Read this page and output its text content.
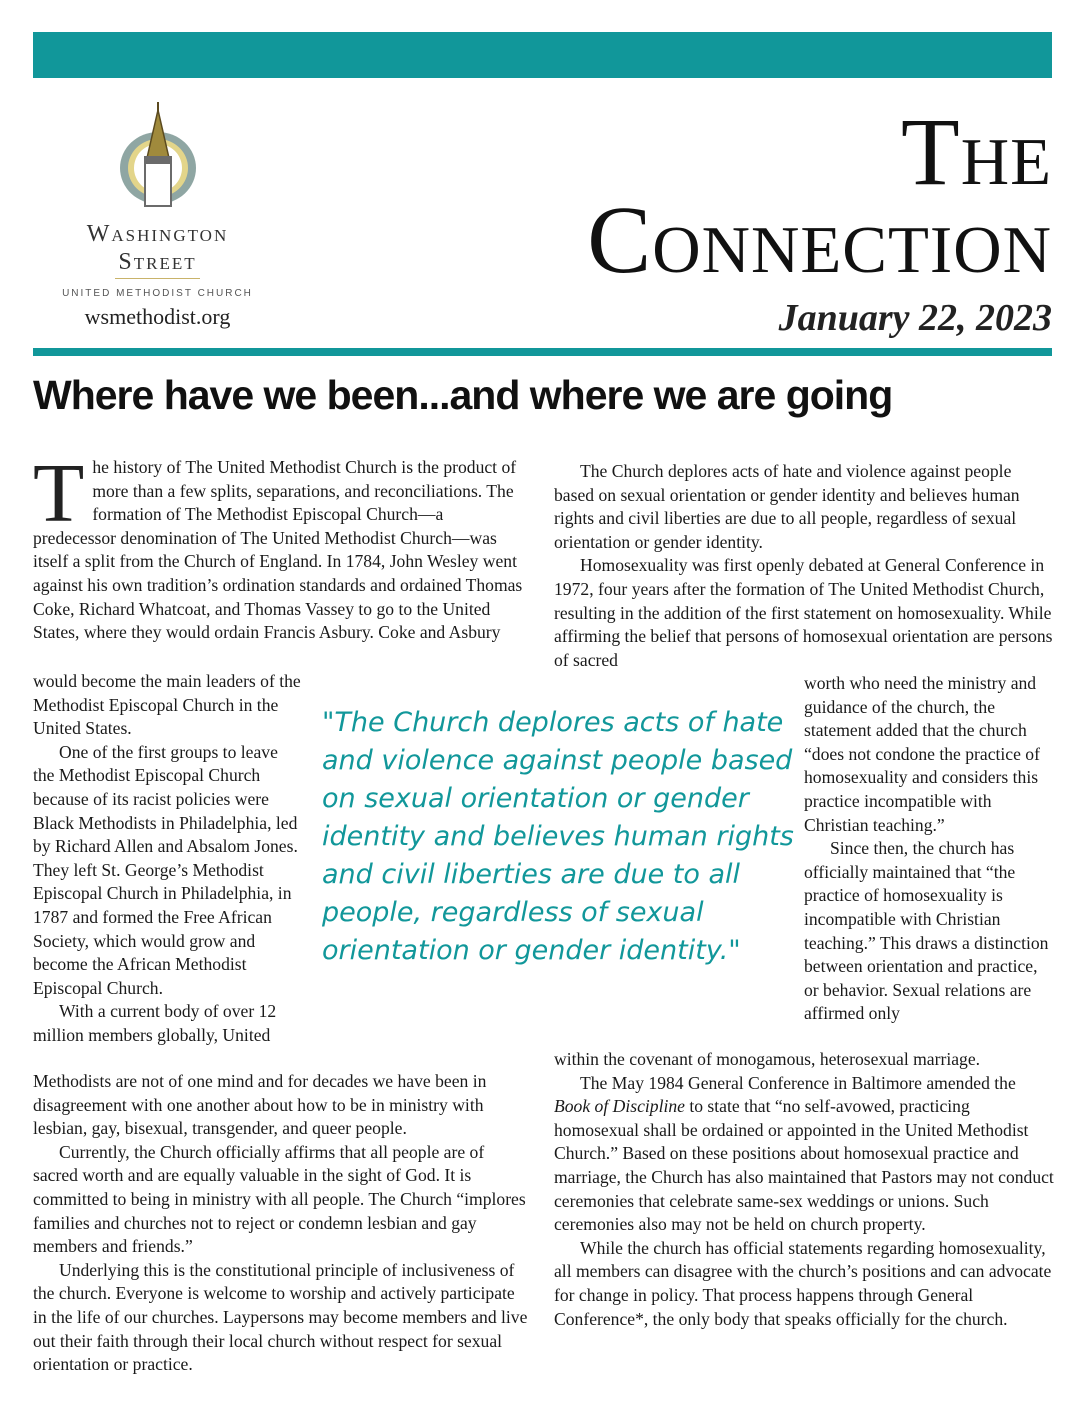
Washington
Street
UNITED METHODIST CHURCH
wsmethodist.org
The
Connection
January 22, 2023
Where have we been...and where we are going

The history of The United Methodist Church is the product of more than a few splits, separations, and reconciliations. The formation of The Methodist Episcopal Church—a predecessor denomination of The United Methodist Church—was itself a split from the Church of England. In 1784, John Wesley went against his own tradition’s ordination standards and ordained Thomas Coke, Richard Whatcoat, and Thomas Vassey to go to the United States, where they would ordain Francis Asbury. Coke and Asbury

would become the main leaders of the Methodist Episcopal Church in the United States.

One of the first groups to leave the Methodist Episcopal Church because of its racist policies were Black Methodists in Philadelphia, led by Richard Allen and Absalom Jones. They left St. George’s Methodist Episcopal Church in Philadelphia, in 1787 and formed the Free African Society, which would grow and become the African Methodist Episcopal Church.

With a current body of over 12 million members globally, United

Methodists are not of one mind and for decades we have been in disagreement with one another about how to be in ministry with lesbian, gay, bisexual, transgender, and queer people.

Currently, the Church officially affirms that all people are of sacred worth and are equally valuable in the sight of God. It is committed to being in ministry with all people. The Church “implores families and churches not to reject or condemn lesbian and gay members and friends.”

Underlying this is the constitutional principle of inclusiveness of the church. Everyone is welcome to worship and actively participate in the life of our churches. Laypersons may become members and live out their faith through their local church without respect for sexual orientation or practice.

The Church deplores acts of hate and violence against people based on sexual orientation or gender identity and believes human rights and civil liberties are due to all people, regardless of sexual orientation or gender identity.

Homosexuality was first openly debated at General Conference in 1972, four years after the formation of The United Methodist Church, resulting in the addition of the first statement on homosexuality. While affirming the belief that persons of homosexual orientation are persons of sacred

worth who need the ministry and guidance of the church, the statement added that the church “does not condone the practice of homosexuality and considers this practice incompatible with Christian teaching.”

Since then, the church has officially maintained that “the practice of homosexuality is incompatible with Christian teaching.” This draws a distinction between orientation and practice, or behavior. Sexual relations are affirmed only

within the covenant of monogamous, heterosexual marriage.

The May 1984 General Conference in Baltimore amended the Book of Discipline to state that “no self-avowed, practicing homosexual shall be ordained or appointed in the United Methodist Church.” Based on these positions about homosexual practice and marriage, the Church has also maintained that Pastors may not conduct ceremonies that celebrate same-sex weddings or unions. Such ceremonies also may not be held on church property.

While the church has official statements regarding homosexuality, all members can disagree with the church’s positions and can advocate for change in policy. That process happens through General Conference*, the only body that speaks officially for the church.

"The Church deplores acts of hate and violence against people based on sexual orientation or gender identity and believes human rights and civil liberties are due to all people, regardless of sexual orientation or gender identity."
